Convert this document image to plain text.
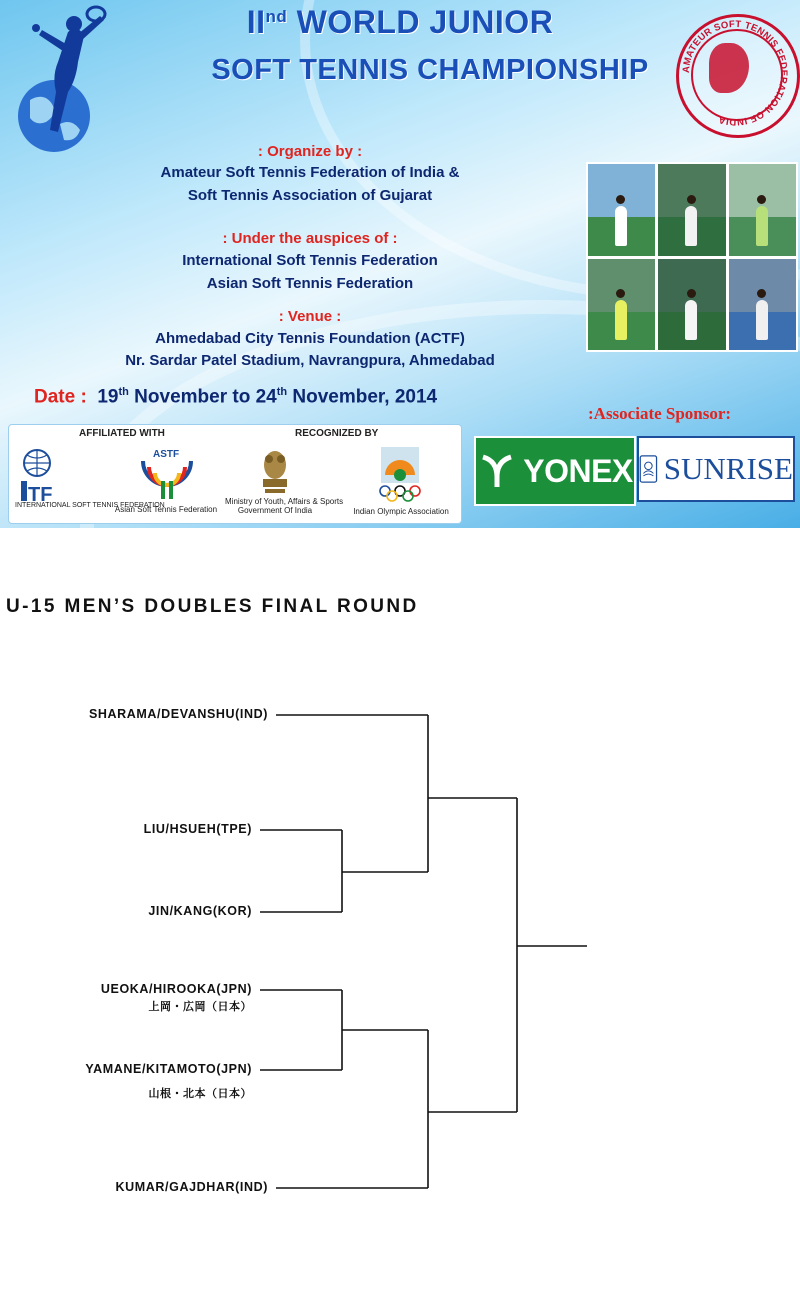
IInd WORLD JUNIOR
SOFT TENNIS CHAMPIONSHIP	AMATEUR SOFT TENNIS FEDERATION OF INDIA
: Organize by :
Amateur Soft Tennis Federation of India &
Soft Tennis Association of Gujarat
: Under the auspices of :
International Soft Tennis Federation
Asian Soft Tennis Federation
: Venue :
Ahmedabad City Tennis Foundation (ACTF)
Nr. Sardar Patel Stadium, Navrangpura, Ahmedabad
Date : 19th November to 24th November, 2014
AFFILIATED WITH	RECOGNIZED BY
TF
INTERNATIONAL SOFT TENNIS FEDERATION
ASTF
Asian Soft Tennis Federation
Ministry of Youth, Affairs & Sports
Government Of India	Indian Olympic Association
:Associate Sponsor:
YONEX SUNRISE
U-15 MEN’S DOUBLES FINAL ROUND
SHARAMA/DEVANSHU(IND)
LIU/HSUEH(TPE)
JIN/KANG(KOR)
UEOKA/HIROOKA(JPN)
上岡・広岡（日本）
YAMANE/KITAMOTO(JPN)
山根・北本（日本）
KUMAR/GAJDHAR(IND)
